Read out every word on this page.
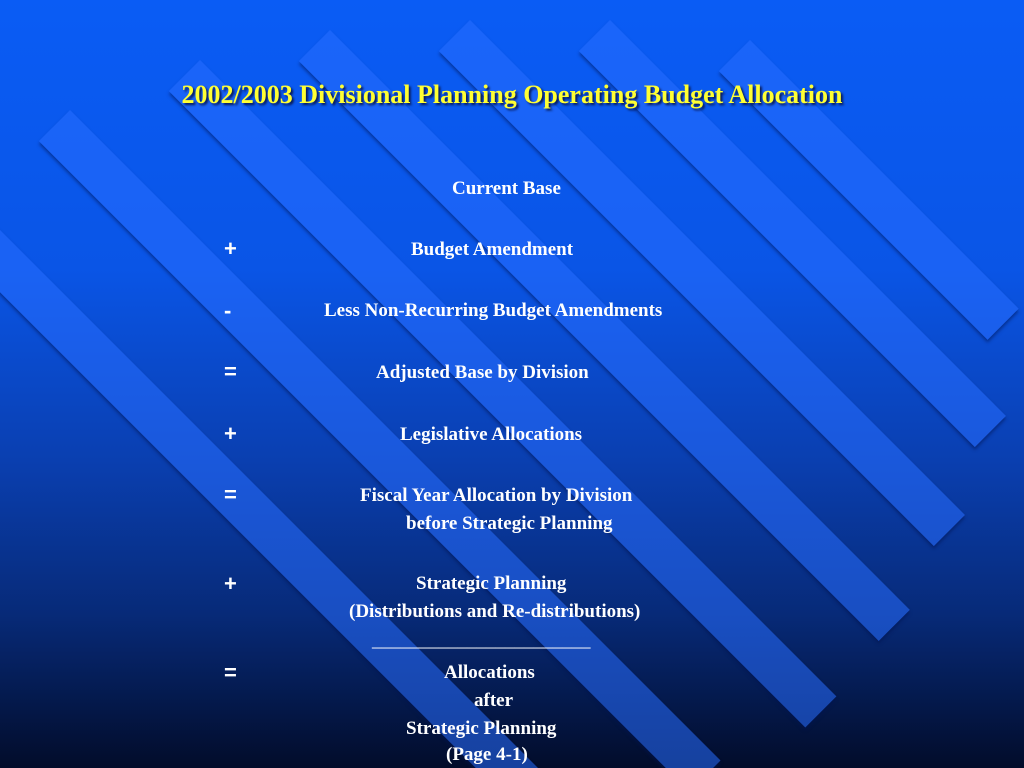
2002/2003 Divisional Planning Operating Budget Allocation
Current Base
+	Budget Amendment
-	Less Non-Recurring Budget Amendments
=	Adjusted Base by Division
+	Legislative Allocations
=	Fiscal Year Allocation by Division
before Strategic Planning
+	Strategic Planning
(Distributions and Re-distributions)
_______________________
=	Allocations
after
Strategic Planning
(Page 4-1)
